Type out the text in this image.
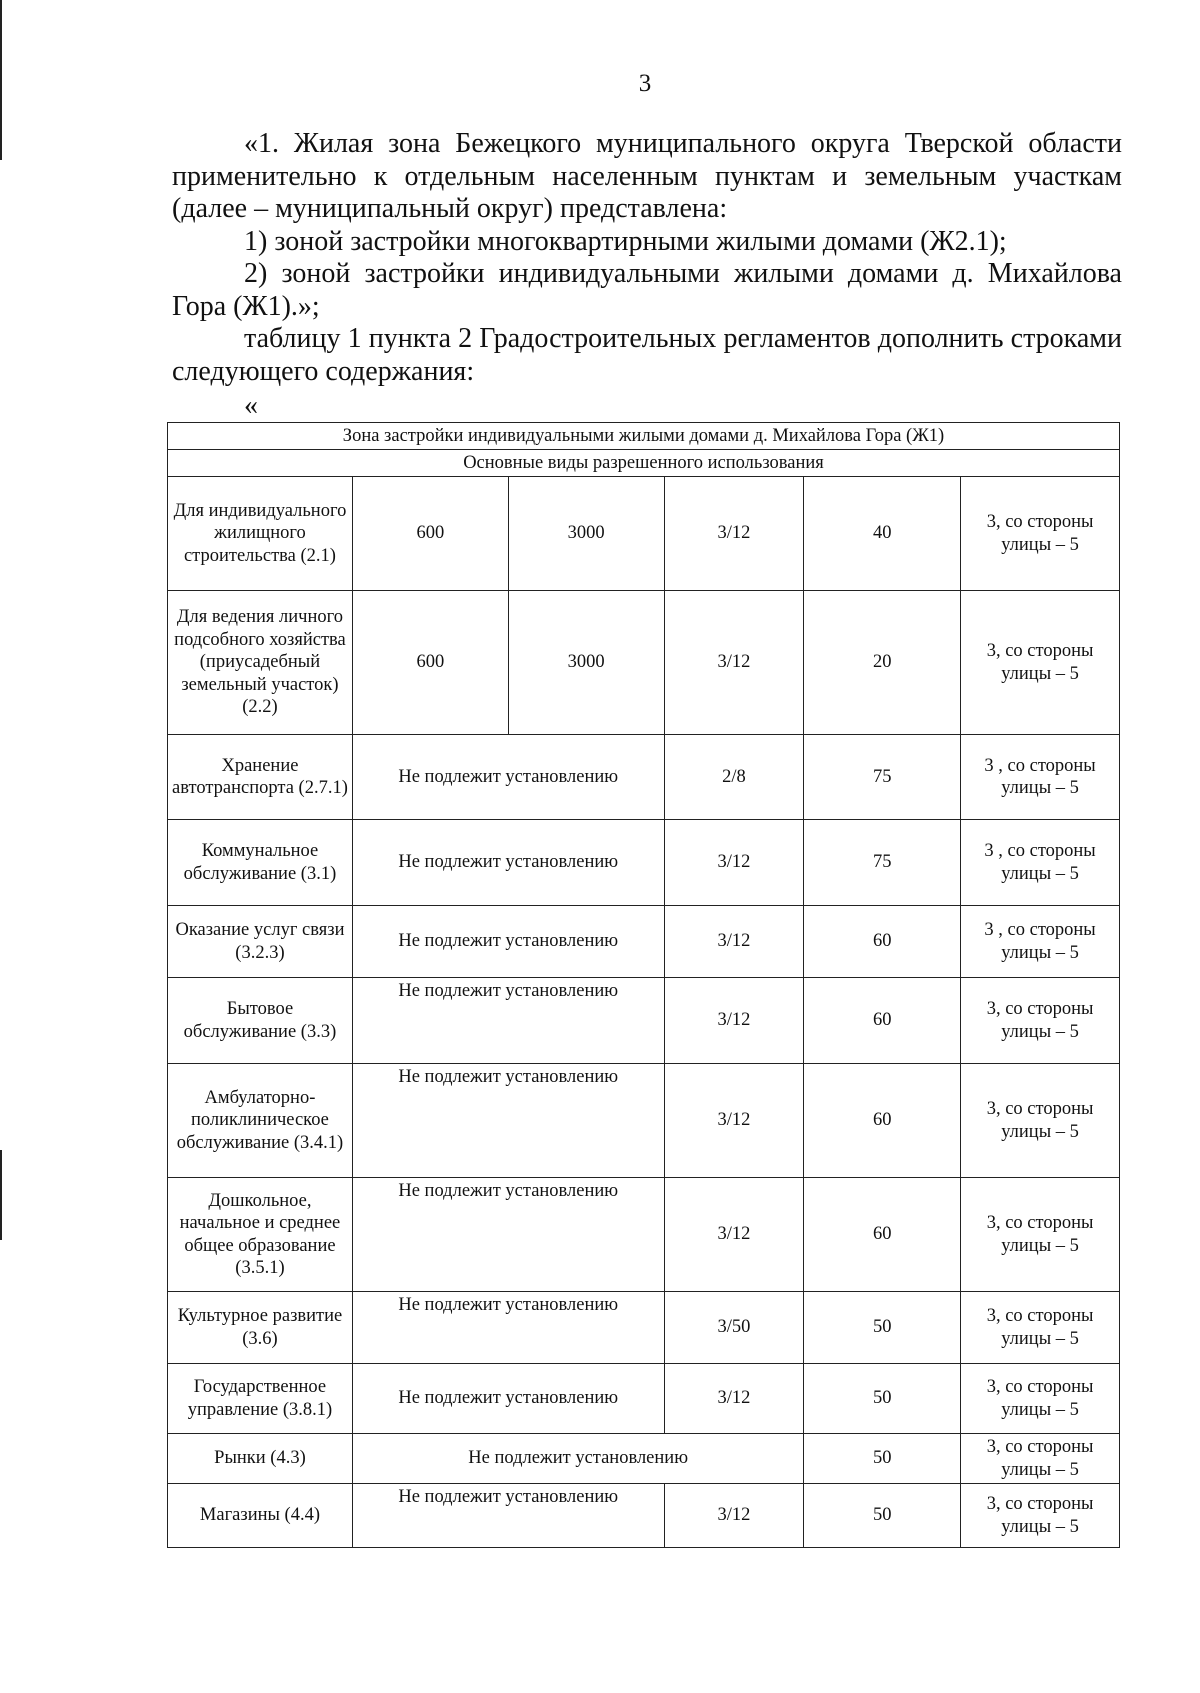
3

«1. Жилая зона Бежецкого муниципального округа Тверской области применительно к отдельным населенным пунктам и земельным участкам (далее – муниципальный округ) представлена:

1) зоной застройки многоквартирными жилыми домами (Ж2.1);

2) зоной застройки индивидуальными жилыми домами д. Михайлова Гора (Ж1).»;

таблицу 1 пункта 2 Градостроительных регламентов дополнить строками следующего содержания:

«
Зона застройки индивидуальными жилыми домами д. Михайлова Гора (Ж1)					
Основные виды разрешенного использования					
Для индивидуального жилищного строительства (2.1)	600	3000	3/12	40	3, со стороны улицы – 5
Для ведения личного подсобного хозяйства (приусадебный земельный участок) (2.2)	600	3000	3/12	20	3, со стороны улицы – 5
Хранение автотранспорта (2.7.1)	Не подлежит установлению		2/8	75	3 , со стороны улицы – 5
Коммунальное обслуживание (3.1)	Не подлежит установлению		3/12	75	3 , со стороны улицы – 5
Оказание услуг связи (3.2.3)	Не подлежит установлению		3/12	60	3 , со стороны улицы – 5
Бытовое обслуживание (3.3)	Не подлежит установлению		3/12	60	3, со стороны улицы – 5
Амбулаторно-поликлиническое обслуживание (3.4.1)	Не подлежит установлению		3/12	60	3, со стороны улицы – 5
Дошкольное, начальное и среднее общее образование (3.5.1)	Не подлежит установлению		3/12	60	3, со стороны улицы – 5
Культурное развитие (3.6)	Не подлежит установлению		3/50	50	3, со стороны улицы – 5
Государственное управление (3.8.1)	Не подлежит установлению		3/12	50	3, со стороны улицы – 5
Рынки (4.3)	Не подлежит установлению			50	3, со стороны улицы – 5
Магазины (4.4)	Не подлежит установлению		3/12	50	3, со стороны улицы – 5
